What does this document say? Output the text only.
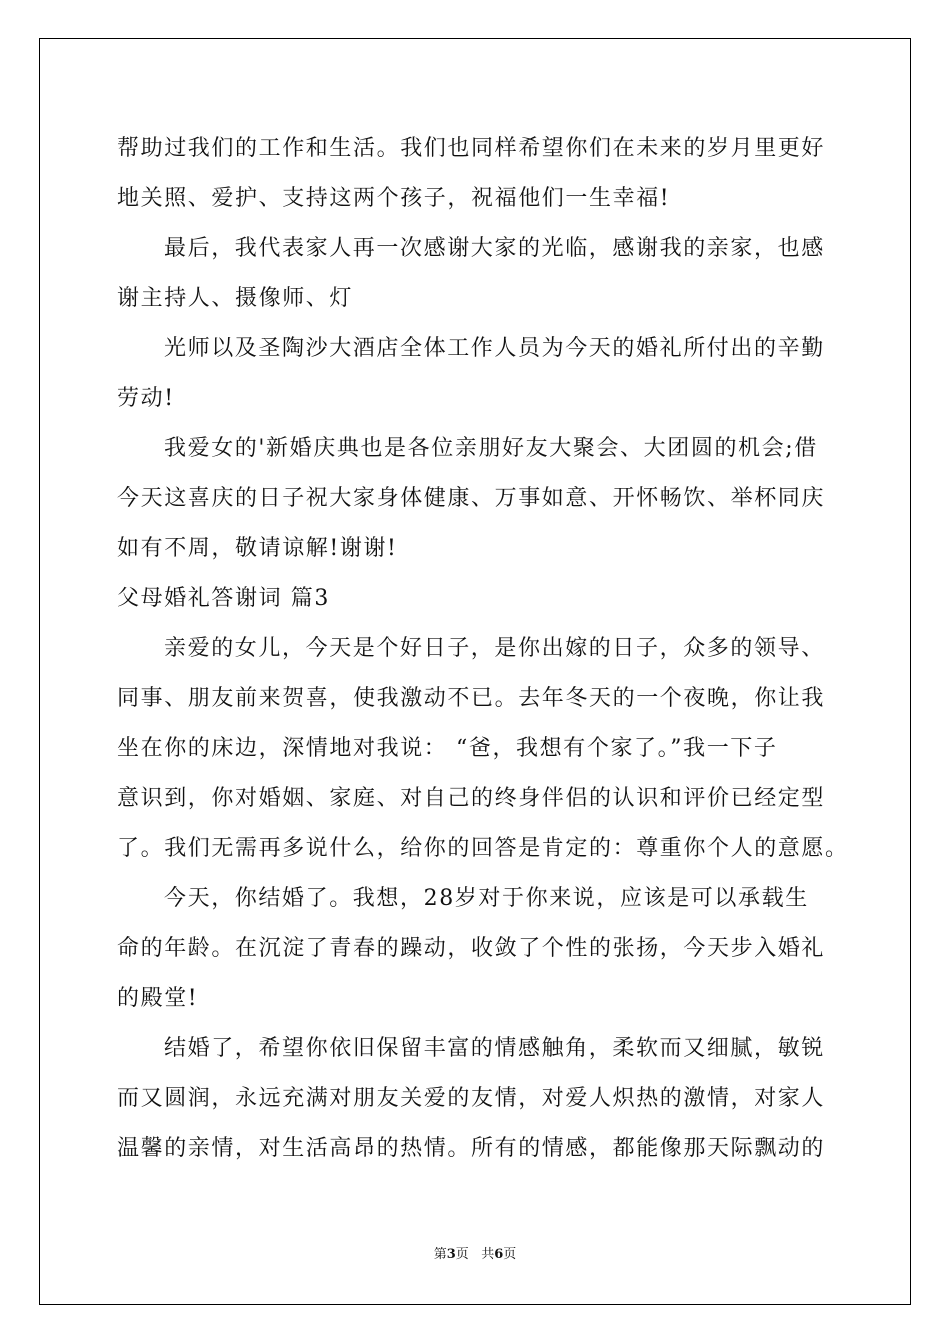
帮助过我们的工作和生活。我们也同样希望你们在未来的岁月里更好
地关照、爱护、支持这两个孩子，祝福他们一生幸福!
最后，我代表家人再一次感谢大家的光临，感谢我的亲家，也感
谢主持人、摄像师、灯
光师以及圣陶沙大酒店全体工作人员为今天的婚礼所付出的辛勤
劳动!
我爱女的'新婚庆典也是各位亲朋好友大聚会、大团圆的机会;借
今天这喜庆的日子祝大家身体健康、万事如意、开怀畅饮、举杯同庆
如有不周，敬请谅解!谢谢!
父母婚礼答谢词 篇3
亲爱的女儿，今天是个好日子，是你出嫁的日子，众多的领导、
同事、朋友前来贺喜，使我激动不已。去年冬天的一个夜晚，你让我
坐在你的床边，深情地对我说： “爸，我想有个家了。”我一下子
意识到，你对婚姻、家庭、对自己的终身伴侣的认识和评价已经定型
了。我们无需再多说什么，给你的回答是肯定的：尊重你个人的意愿。
今天，你结婚了。我想，28岁对于你来说，应该是可以承载生
命的年龄。在沉淀了青春的躁动，收敛了个性的张扬，今天步入婚礼
的殿堂!
结婚了，希望你依旧保留丰富的情感触角，柔软而又细腻，敏锐
而又圆润，永远充满对朋友关爱的友情，对爱人炽热的激情，对家人
温馨的亲情，对生活高昂的热情。所有的情感，都能像那天际飘动的
第3页 共6页
